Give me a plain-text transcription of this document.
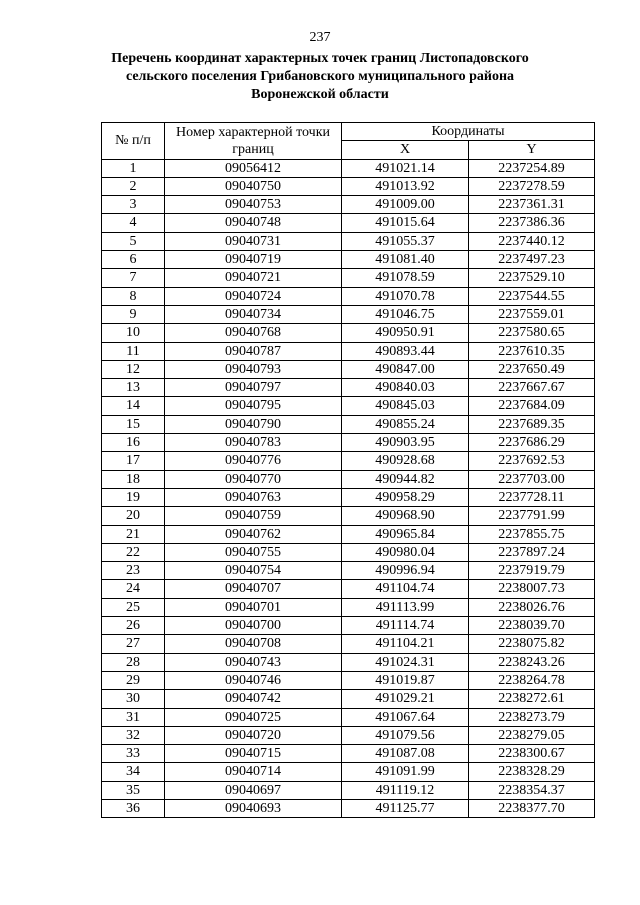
237
Перечень координат характерных точек границ Листопадовского
сельского поселения Грибановского муниципального района
Воронежской области
№ п/п	Номер характерной точки границ	Координаты	
		X	Y
1	09056412	491021.14	2237254.89
2	09040750	491013.92	2237278.59
3	09040753	491009.00	2237361.31
4	09040748	491015.64	2237386.36
5	09040731	491055.37	2237440.12
6	09040719	491081.40	2237497.23
7	09040721	491078.59	2237529.10
8	09040724	491070.78	2237544.55
9	09040734	491046.75	2237559.01
10	09040768	490950.91	2237580.65
11	09040787	490893.44	2237610.35
12	09040793	490847.00	2237650.49
13	09040797	490840.03	2237667.67
14	09040795	490845.03	2237684.09
15	09040790	490855.24	2237689.35
16	09040783	490903.95	2237686.29
17	09040776	490928.68	2237692.53
18	09040770	490944.82	2237703.00
19	09040763	490958.29	2237728.11
20	09040759	490968.90	2237791.99
21	09040762	490965.84	2237855.75
22	09040755	490980.04	2237897.24
23	09040754	490996.94	2237919.79
24	09040707	491104.74	2238007.73
25	09040701	491113.99	2238026.76
26	09040700	491114.74	2238039.70
27	09040708	491104.21	2238075.82
28	09040743	491024.31	2238243.26
29	09040746	491019.87	2238264.78
30	09040742	491029.21	2238272.61
31	09040725	491067.64	2238273.79
32	09040720	491079.56	2238279.05
33	09040715	491087.08	2238300.67
34	09040714	491091.99	2238328.29
35	09040697	491119.12	2238354.37
36	09040693	491125.77	2238377.70
